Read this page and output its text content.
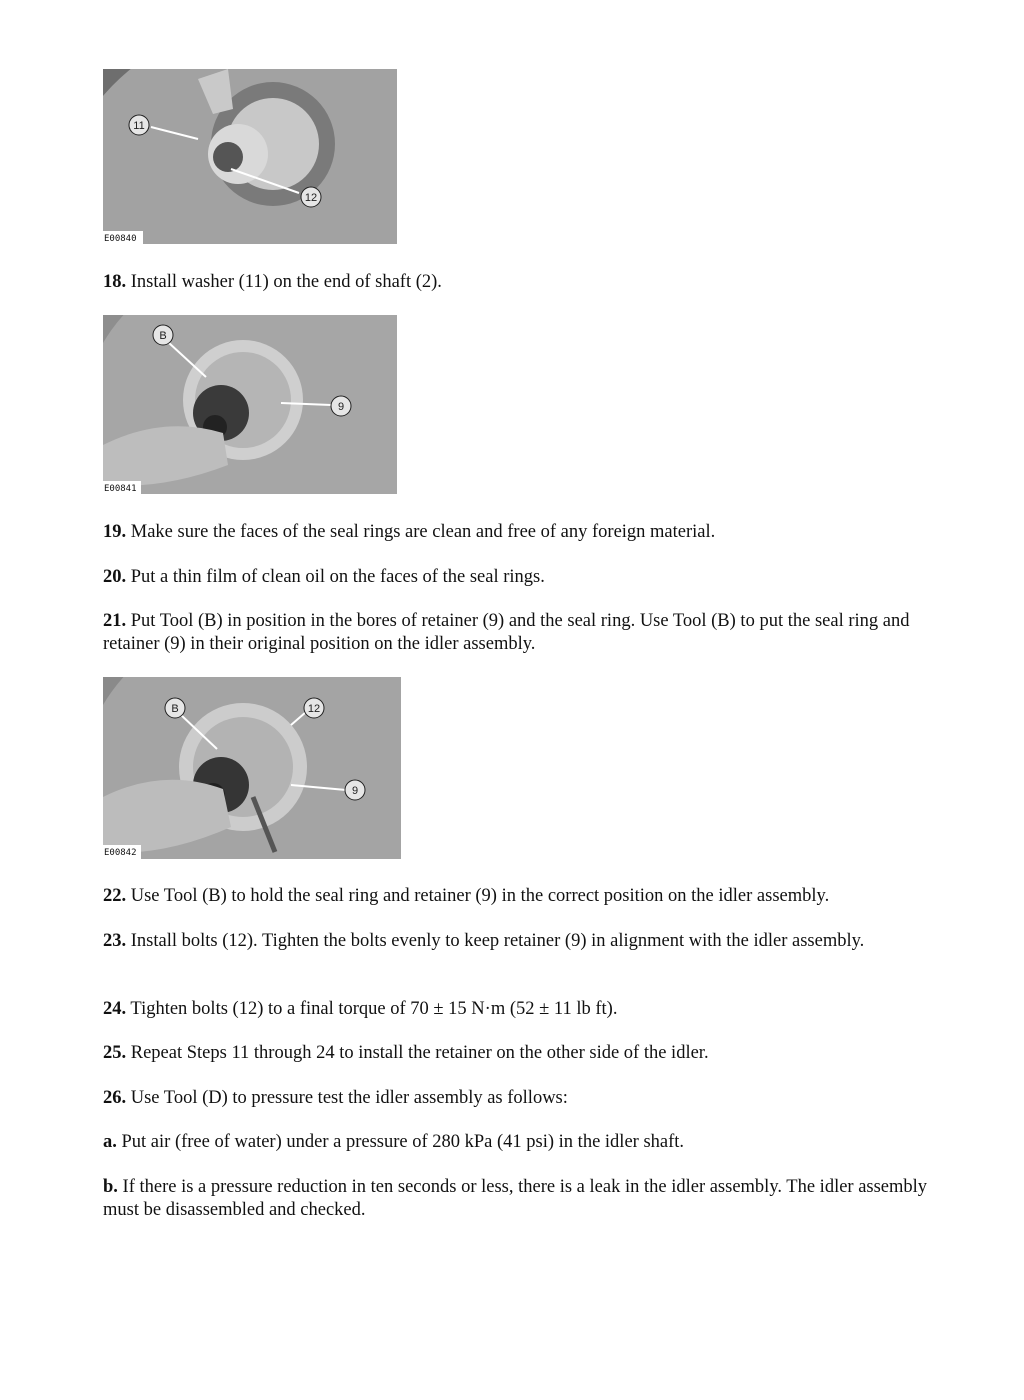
11
12
E00840

18. Install washer (11) on the end of shaft (2).

B
9
E00841

19. Make sure the faces of the seal rings are clean and free of any foreign material.

20. Put a thin film of clean oil on the faces of the seal rings.

21. Put Tool (B) in position in the bores of retainer (9) and the seal ring. Use Tool (B) to put the seal ring and retainer (9) in their original position on the idler assembly.

B	12
9
E00842

22. Use Tool (B) to hold the seal ring and retainer (9) in the correct position on the idler assembly.

23. Install bolts (12). Tighten the bolts evenly to keep retainer (9) in alignment with the idler assembly.

24. Tighten bolts (12) to a final torque of 70 ± 15 N·m (52 ± 11 lb ft).

25. Repeat Steps 11 through 24 to install the retainer on the other side of the idler.

26. Use Tool (D) to pressure test the idler assembly as follows:

a. Put air (free of water) under a pressure of 280 kPa (41 psi) in the idler shaft.

b. If there is a pressure reduction in ten seconds or less, there is a leak in the idler assembly. The idler assembly must be disassembled and checked.
